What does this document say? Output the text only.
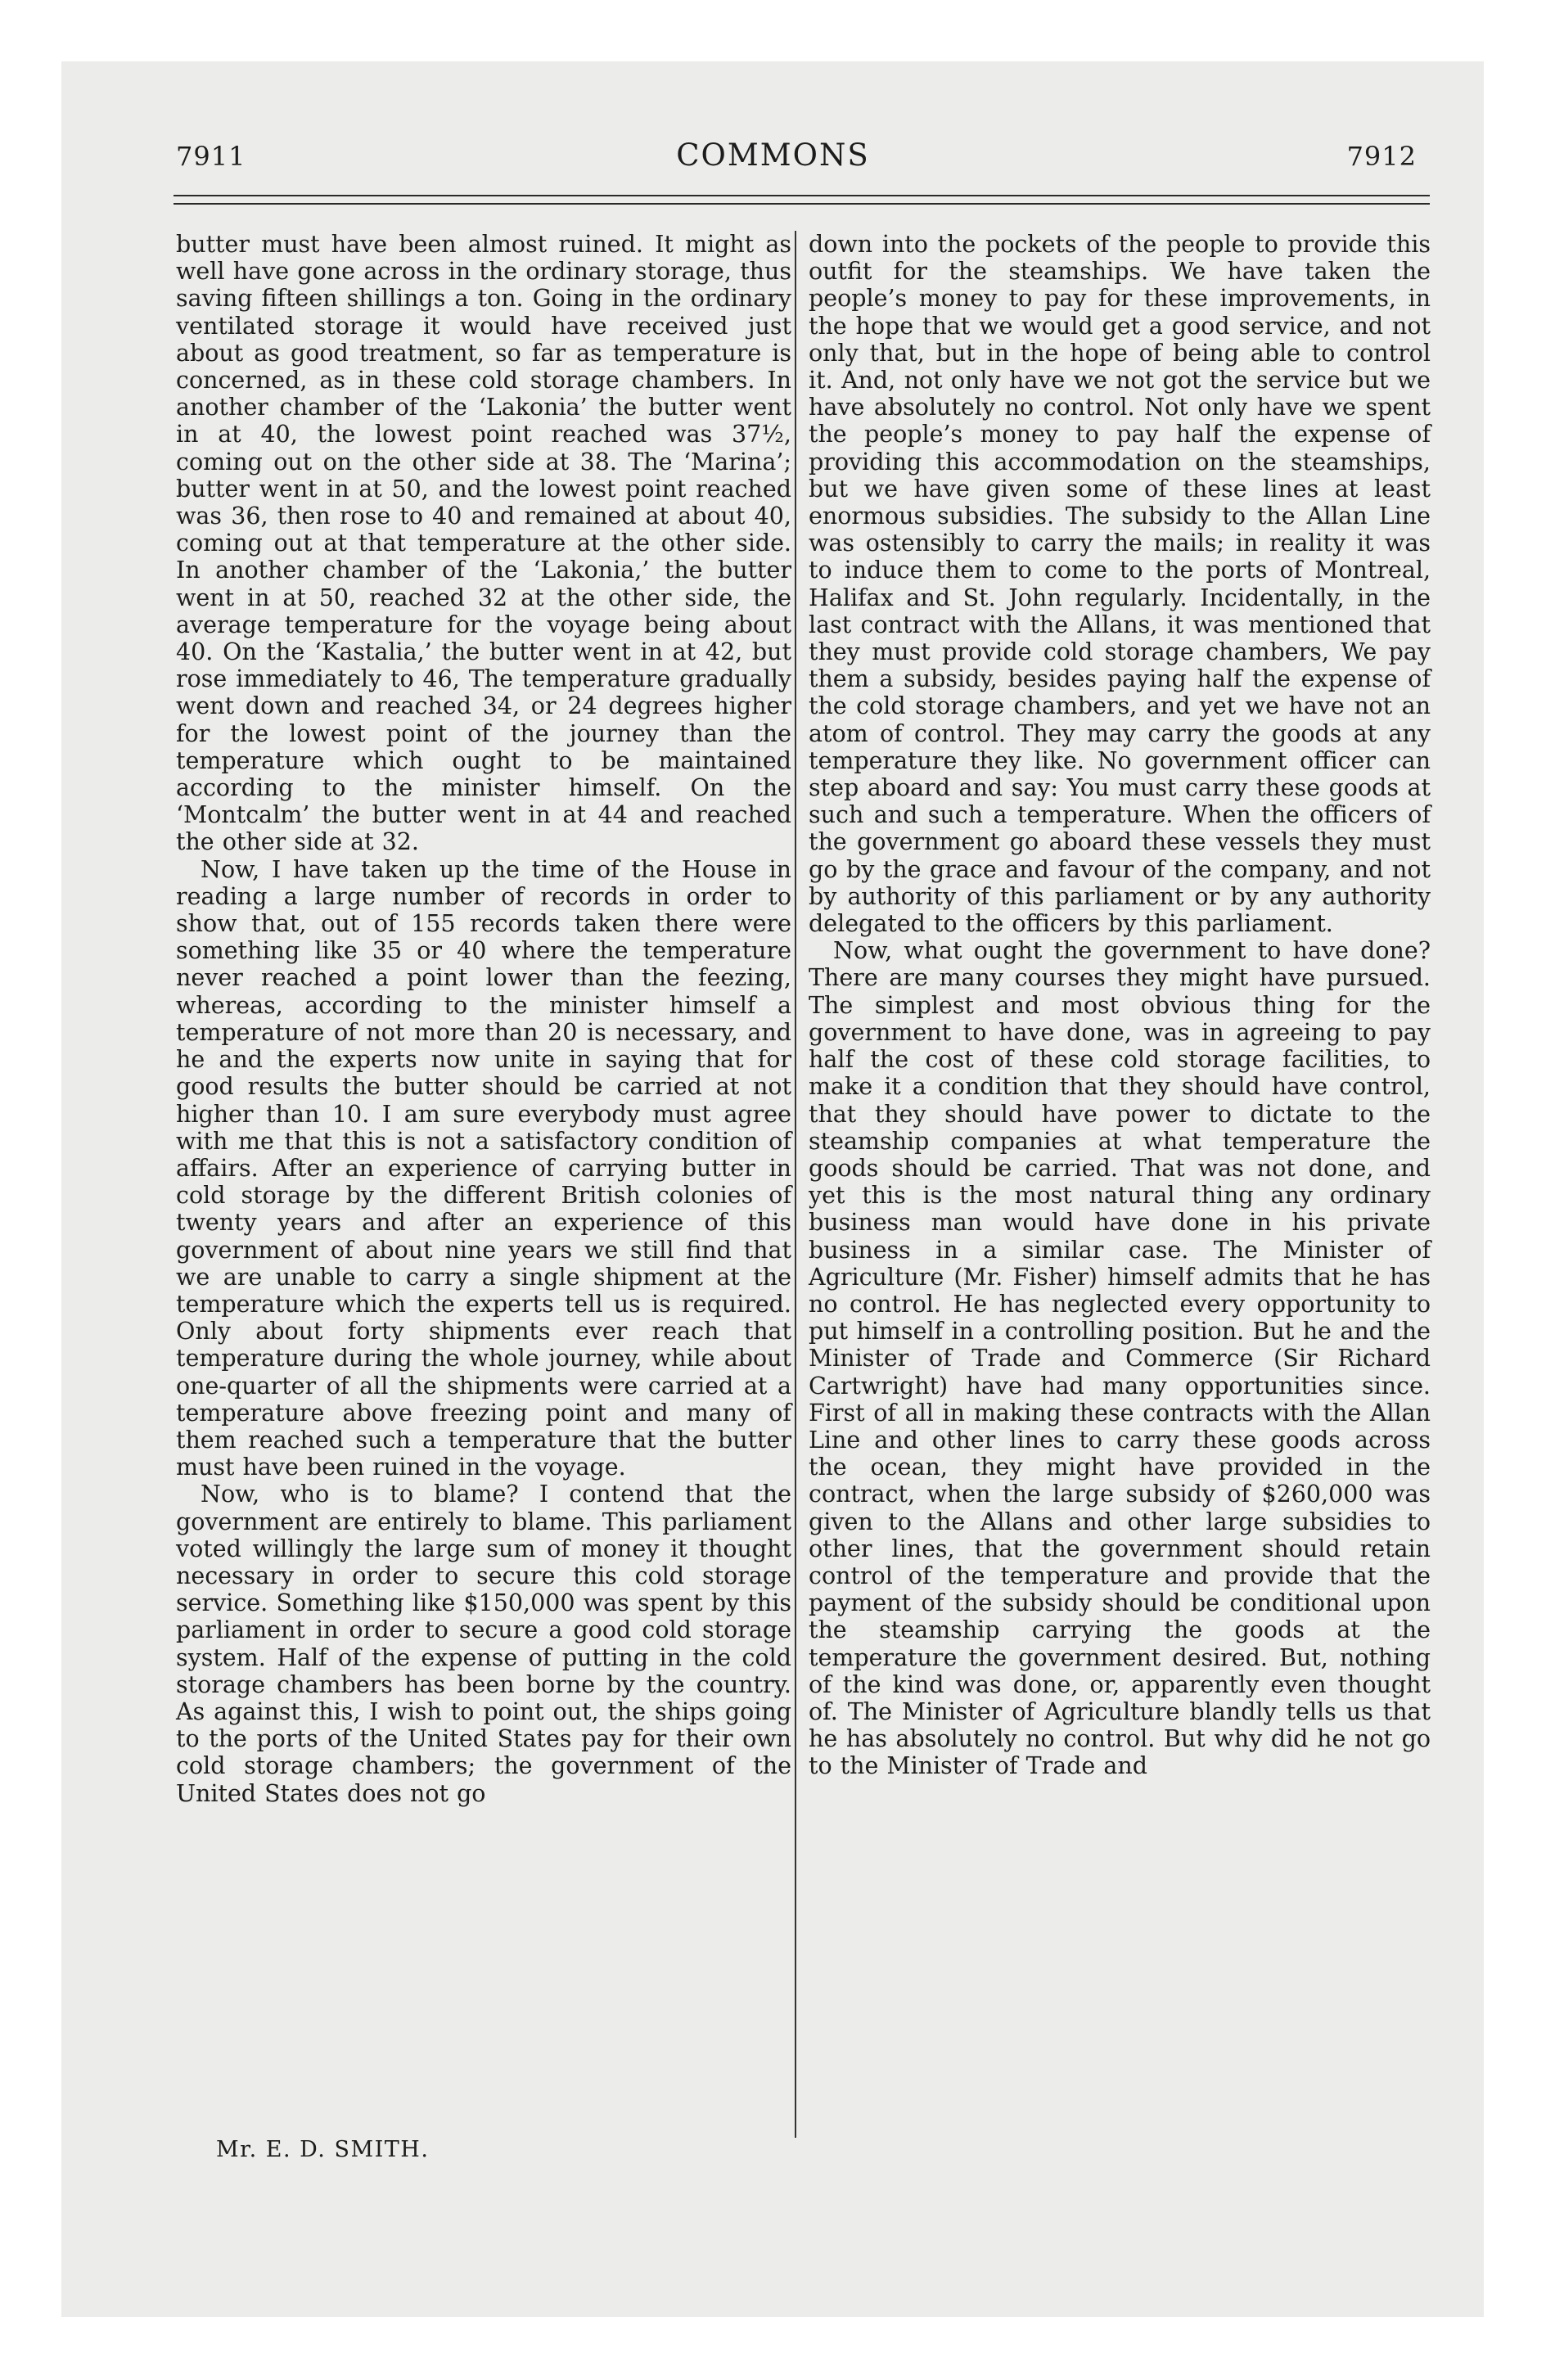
7911	COMMONS	7912

butter must have been almost ruined. It might as well have gone across in the ordinary storage, thus saving fifteen shillings a ton. Going in the ordinary ventilated storage it would have received just about as good treatment, so far as temperature is concerned, as in these cold storage chambers. In another chamber of the ‘Lakonia’ the butter went in at 40, the lowest point reached was 37½, coming out on the other side at 38. The ‘Marina’; butter went in at 50, and the lowest point reached was 36, then rose to 40 and remained at about 40, coming out at that temperature at the other side. In another chamber of the ‘Lakonia,’ the butter went in at 50, reached 32 at the other side, the average temperature for the voyage being about 40. On the ‘Kastalia,’ the butter went in at 42, but rose immediately to 46, The temperature gradually went down and reached 34, or 24 degrees higher for the lowest point of the journey than the temperature which ought to be maintained according to the minister himself. On the ‘Montcalm’ the butter went in at 44 and reached the other side at 32.

Now, I have taken up the time of the House in reading a large number of records in order to show that, out of 155 records taken there were something like 35 or 40 where the temperature never reached a point lower than the feezing, whereas, according to the minister himself a temperature of not more than 20 is necessary, and he and the experts now unite in saying that for good results the butter should be carried at not higher than 10. I am sure everybody must agree with me that this is not a satisfactory condition of affairs. After an experience of carrying butter in cold storage by the different British colonies of twenty years and after an experience of this government of about nine years we still find that we are unable to carry a single shipment at the temperature which the experts tell us is required. Only about forty shipments ever reach that temperature during the whole journey, while about one-quarter of all the shipments were carried at a temperature above freezing point and many of them reached such a temperature that the butter must have been ruined in the voyage.

Now, who is to blame? I contend that the government are entirely to blame. This parliament voted willingly the large sum of money it thought necessary in order to secure this cold storage service. Something like $150,000 was spent by this parliament in order to secure a good cold storage system. Half of the expense of putting in the cold storage chambers has been borne by the country. As against this, I wish to point out, the ships going to the ports of the United States pay for their own cold storage chambers; the government of the United States does not go

down into the pockets of the people to provide this outfit for the steamships. We have taken the people’s money to pay for these improvements, in the hope that we would get a good service, and not only that, but in the hope of being able to control it. And, not only have we not got the service but we have absolutely no control. Not only have we spent the people’s money to pay half the expense of providing this accommodation on the steamships, but we have given some of these lines at least enormous subsidies. The subsidy to the Allan Line was ostensibly to carry the mails; in reality it was to induce them to come to the ports of Montreal, Halifax and St. John regularly. Incidentally, in the last contract with the Allans, it was mentioned that they must provide cold storage chambers, We pay them a subsidy, besides paying half the expense of the cold storage chambers, and yet we have not an atom of control. They may carry the goods at any temperature they like. No government officer can step aboard and say: You must carry these goods at such and such a temperature. When the officers of the government go aboard these vessels they must go by the grace and favour of the company, and not by authority of this parliament or by any authority delegated to the officers by this parliament.

Now, what ought the government to have done? There are many courses they might have pursued. The simplest and most obvious thing for the government to have done, was in agreeing to pay half the cost of these cold storage facilities, to make it a condition that they should have control, that they should have power to dictate to the steamship companies at what temperature the goods should be carried. That was not done, and yet this is the most natural thing any ordinary business man would have done in his private business in a similar case. The Minister of Agriculture (Mr. Fisher) himself admits that he has no control. He has neglected every opportunity to put himself in a controlling position. But he and the Minister of Trade and Commerce (Sir Richard Cartwright) have had many opportunities since. First of all in making these contracts with the Allan Line and other lines to carry these goods across the ocean, they might have provided in the contract, when the large subsidy of $260,000 was given to the Allans and other large subsidies to other lines, that the government should retain control of the temperature and provide that the payment of the subsidy should be conditional upon the steamship carrying the goods at the temperature the government desired. But, nothing of the kind was done, or, apparently even thought of. The Minister of Agriculture blandly tells us that he has absolutely no control. But why did he not go to the Minister of Trade and

Mr. E. D. SMITH.
